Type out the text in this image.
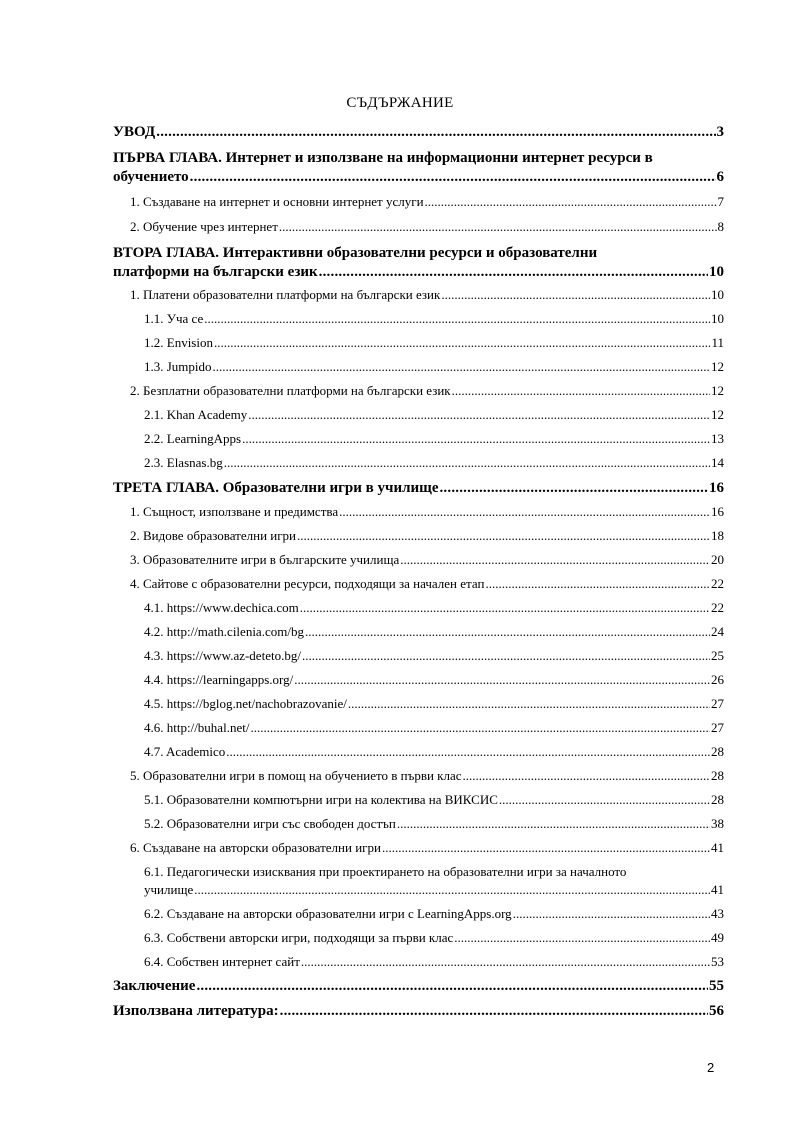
СЪДЪРЖАНИЕ
УВОД .....	3
ПЪРВА ГЛАВА. Интернет и използване на информационни интернет ресурси в
обучението .....	6
1. Създаване на интернет и основни интернет услуги .....	7
2. Обучение чрез интернет .....	8
ВТОРА ГЛАВА. Интерактивни образователни ресурси и образователни
платформи на български език .....	10
1. Платени образователни платформи на български език .....	10
1.1. Уча се .....	10
1.2. Envision .....	11
1.3. Jumpido .....	12
2. Безплатни образователни платформи на български език .....	12
2.1. Khan Academy .....	12
2.2. LearningApps .....	13
2.3. Elasnas.bg .....	14
ТРЕТА ГЛАВА. Образователни игри в училище .....	16
1. Същност, използване и предимства .....	16
2. Видове образователни игри .....	18
3. Образователните игри в българските училища .....	20
4. Сайтове с образователни ресурси, подходящи за начален етап .....	22
4.1. https://www.dechica.com .....	22
4.2. http://math.cilenia.com/bg .....	24
4.3. https://www.az-deteto.bg/ .....	25
4.4. https://learningapps.org/ .....	26
4.5. https://bglog.net/nachobrazovanie/ .....	27
4.6. http://buhal.net/ .....	27
4.7. Academico .....	28
5. Образователни игри в помощ на обучението в първи клас .....	28
5.1. Образователни компютърни игри на колектива на ВИКСИС .....	28
5.2. Образователни игри със свободен достъп .....	38
6. Създаване на авторски образователни игри .....	41
6.1. Педагогически изисквания при проектирането на образователни игри за началното
училище .....	41
6.2. Създаване на авторски образователни игри с LearningApps.org .....	43
6.3. Собствени авторски игри, подходящи за първи клас .....	49
6.4. Собствен интернет сайт .....	53
Заключение .....	55
Използвана литература: .....	56
2
